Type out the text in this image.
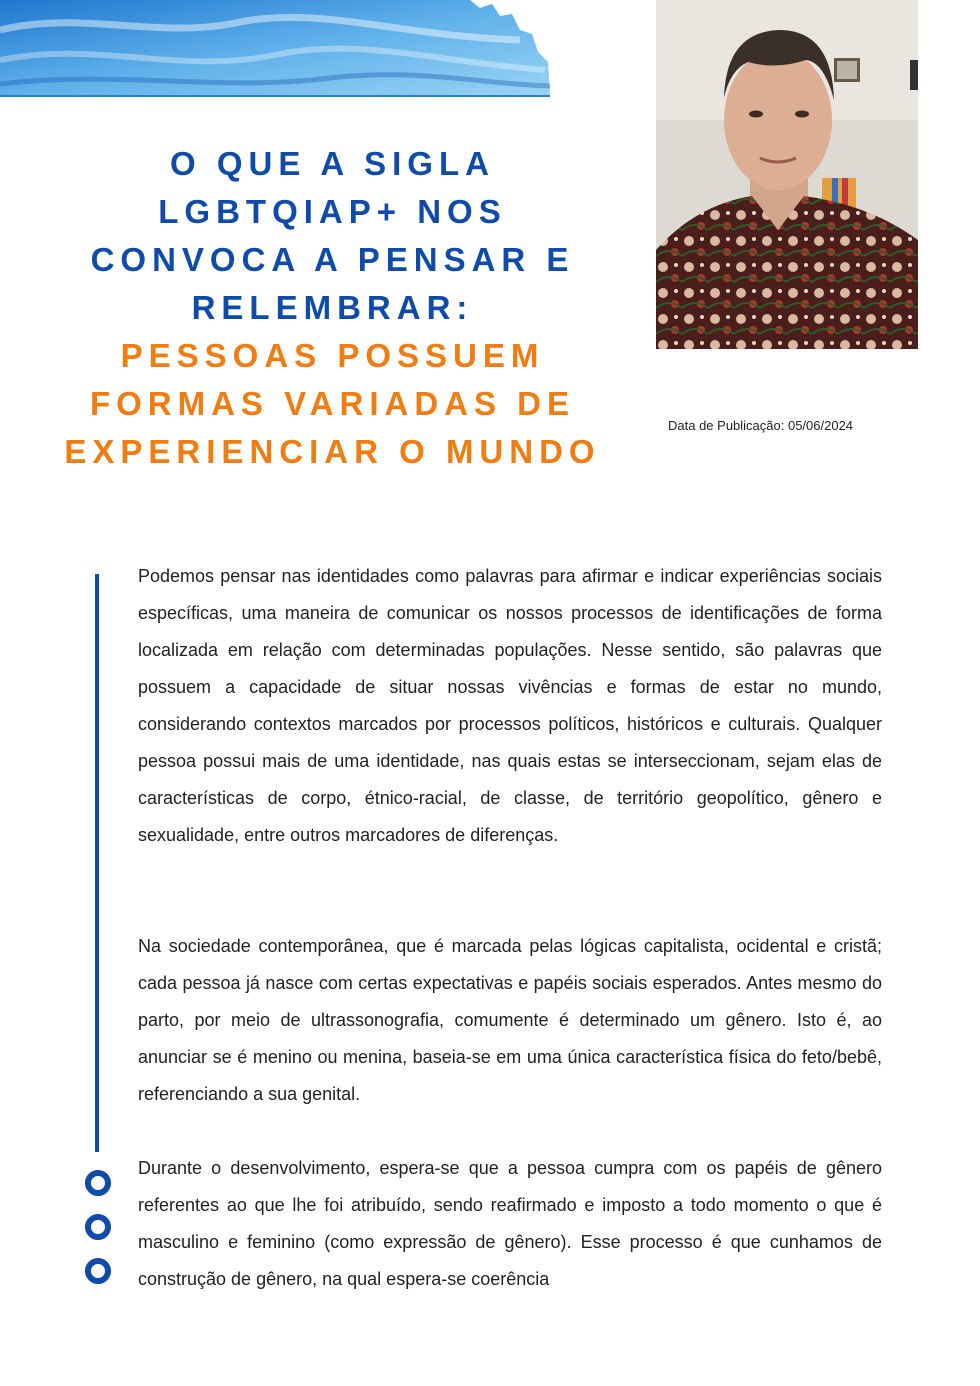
O QUE A SIGLA
LGBTQIAP+ NOS
CONVOCA A PENSAR E
RELEMBRAR:
PESSOAS POSSUEM
FORMAS VARIADAS DE
EXPERIENCIAR O MUNDO
Data de Publicação: 05/06/2024

Podemos pensar nas identidades como palavras para afirmar e indicar experiências sociais específicas, uma maneira de comunicar os nossos processos de identificações de forma localizada em relação com determinadas populações. Nesse sentido, são palavras que possuem a capacidade de situar nossas vivências e formas de estar no mundo, considerando contextos marcados por processos políticos, históricos e culturais. Qualquer pessoa possui mais de uma identidade, nas quais estas se interseccionam, sejam elas de características de corpo, étnico-racial, de classe, de território geopolítico, gênero e sexualidade, entre outros marcadores de diferenças.

Na sociedade contemporânea, que é marcada pelas lógicas capitalista, ocidental e cristã; cada pessoa já nasce com certas expectativas e papéis sociais esperados. Antes mesmo do parto, por meio de ultrassonografia, comumente é determinado um gênero. Isto é, ao anunciar se é menino ou menina, baseia-se em uma única característica física do feto/bebê, referenciando a sua genital.

Durante o desenvolvimento, espera-se que a pessoa cumpra com os papéis de gênero referentes ao que lhe foi atribuído, sendo reafirmado e imposto a todo momento o que é masculino e feminino (como expressão de gênero). Esse processo é que cunhamos de construção de gênero, na qual espera-se coerência
